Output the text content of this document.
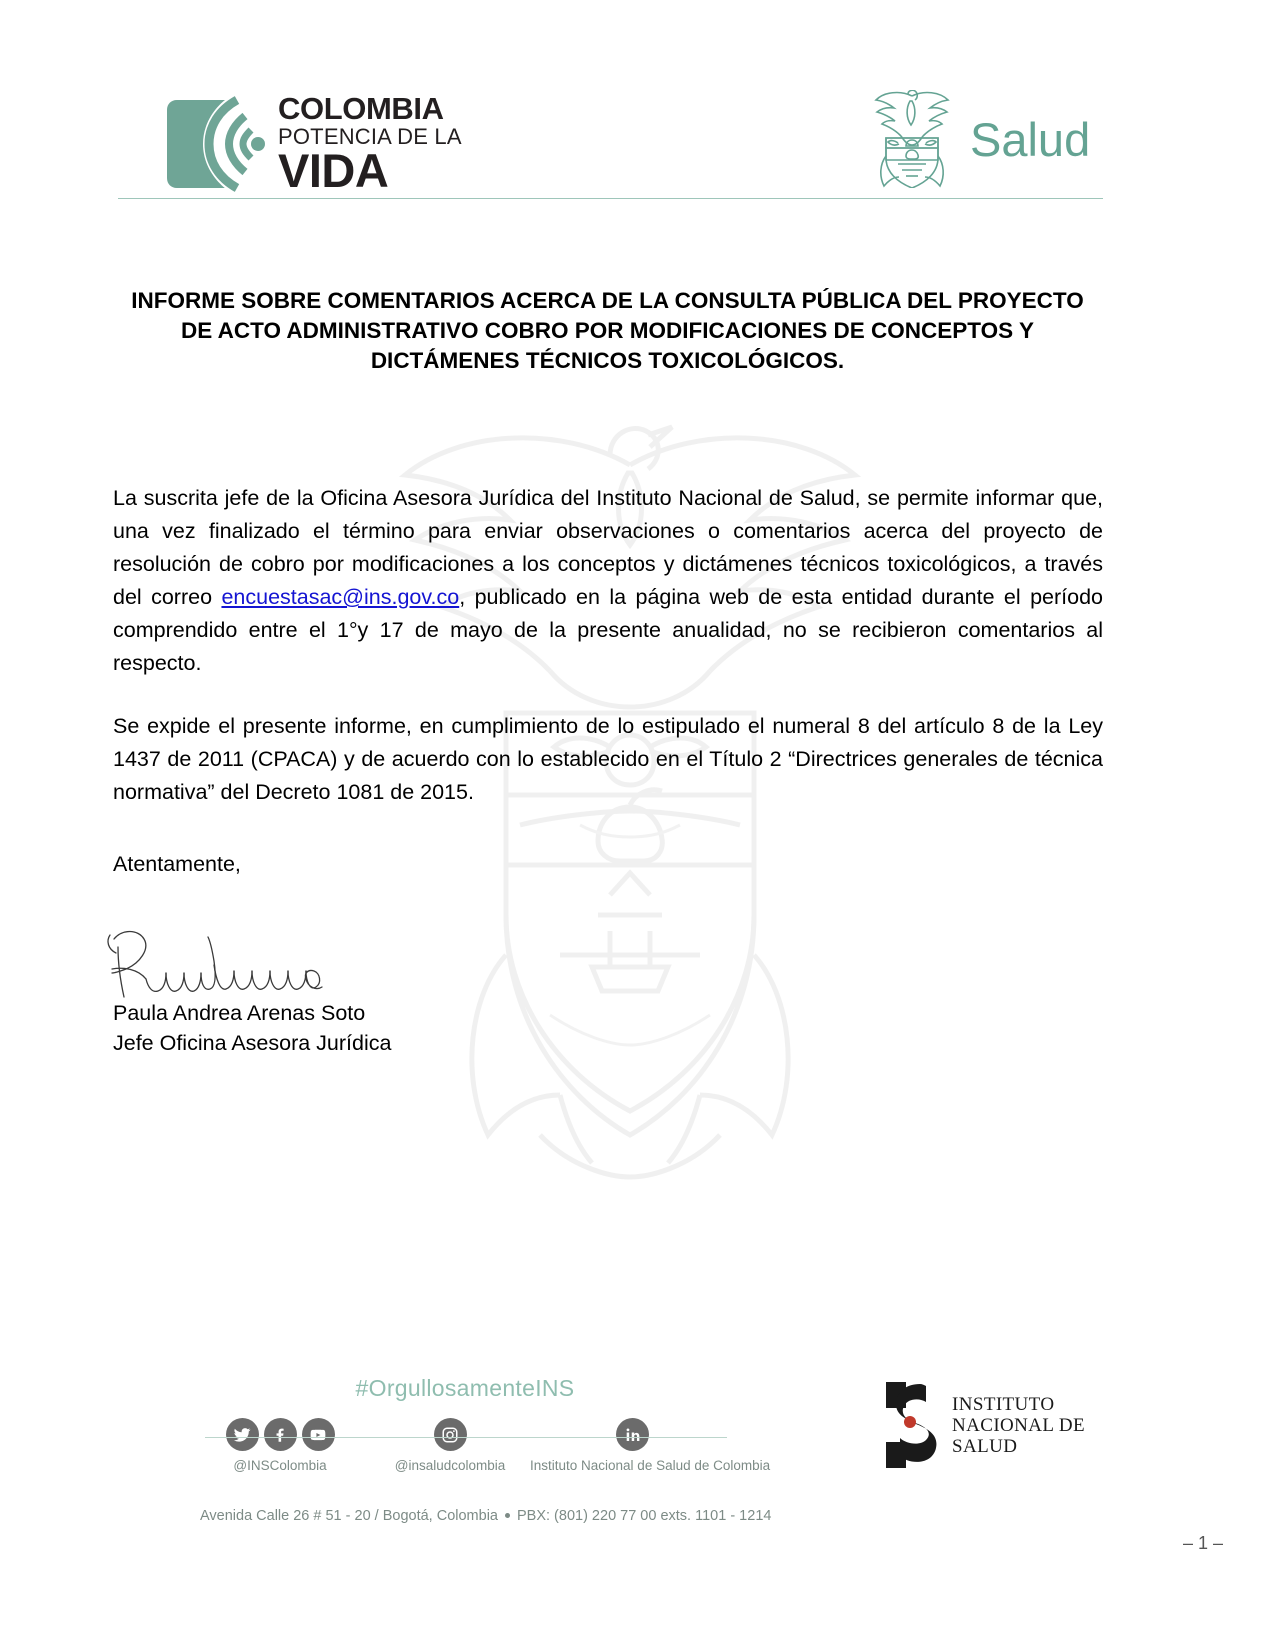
COLOMBIA
POTENCIA DE LA
VIDA
Salud
INFORME SOBRE COMENTARIOS ACERCA DE LA CONSULTA PÚBLICA DEL PROYECTO DE ACTO ADMINISTRATIVO COBRO POR MODIFICACIONES DE CONCEPTOS Y DICTÁMENES TÉCNICOS TOXICOLÓGICOS.

La suscrita jefe de la Oficina Asesora Jurídica del Instituto Nacional de Salud, se permite informar que, una vez finalizado el término para enviar observaciones o comentarios acerca del proyecto de resolución de cobro por modificaciones a los conceptos y dictámenes técnicos toxicológicos, a través del correo encuestasac@ins.gov.co, publicado en la página web de esta entidad durante el período comprendido entre el 1°y 17 de mayo de la presente anualidad, no se recibieron comentarios al respecto.

Se expide el presente informe, en cumplimiento de lo estipulado el numeral 8 del artículo 8 de la Ley 1437 de 2011 (CPACA) y de acuerdo con lo establecido en el Título 2 “Directrices generales de técnica normativa” del Decreto 1081 de 2015.

Atentamente,
Paula Andrea Arenas Soto
Jefe Oficina Asesora Jurídica
#OrgullosamenteINS
@INSColombia	@insaludcolombia	Instituto Nacional de Salud de Colombia
Avenida Calle 26 # 51 - 20 / Bogotá, Colombia PBX: (801) 220 77 00 exts. 1101 - 1214
INSTITUTO
NACIONAL DE
SALUD
– 1 –
